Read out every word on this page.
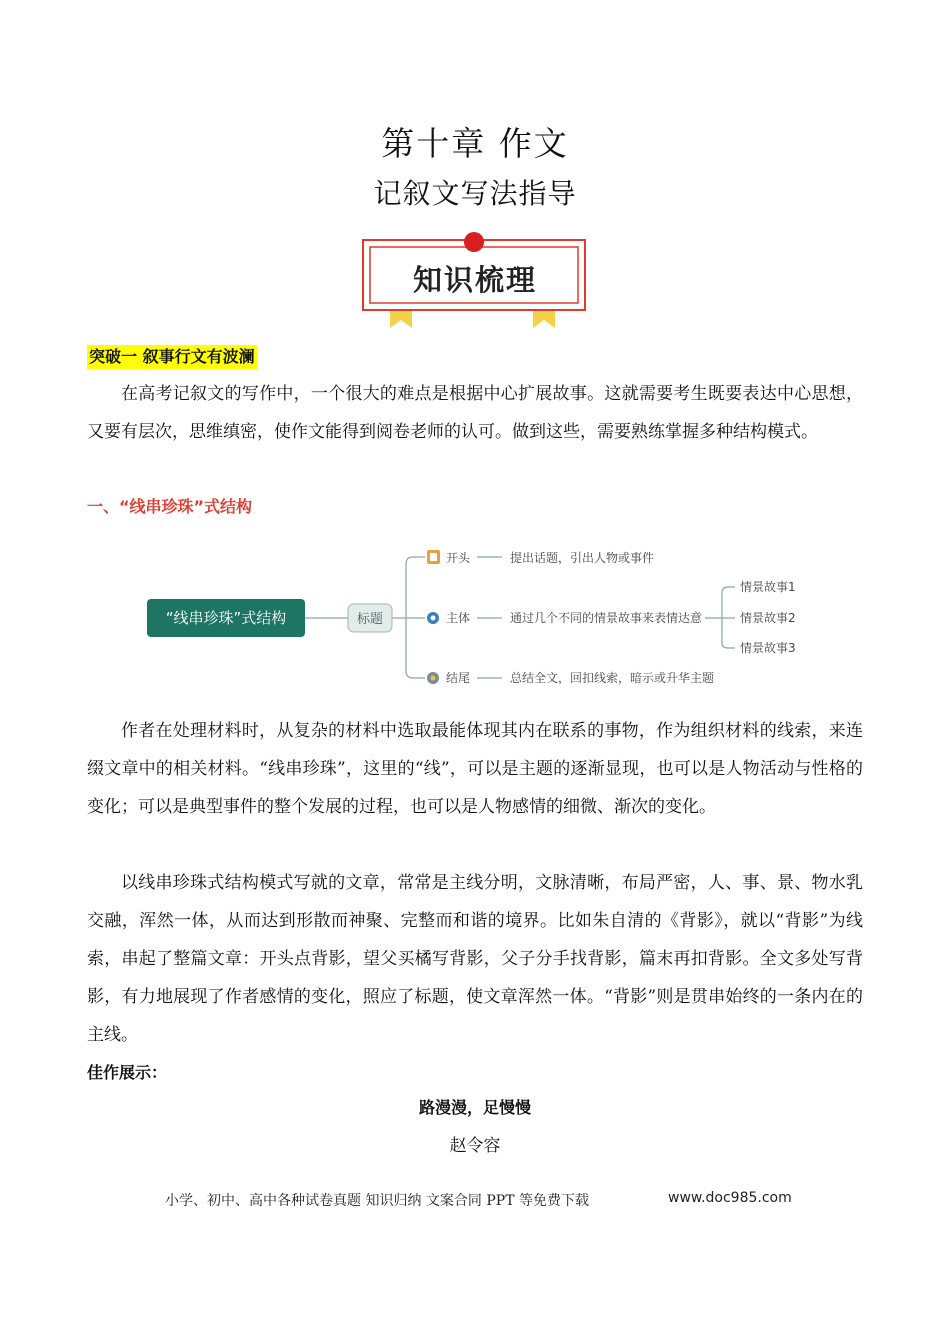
第十章 作文
记叙文写法指导
知识梳理
突破一 叙事行文有波澜

在高考记叙文的写作中，一个很大的难点是根据中心扩展故事。这就需要考生既要表达中心思想，又要有层次，思维缜密，使作文能得到阅卷老师的认可。做到这些，需要熟练掌握多种结构模式。

一、“线串珍珠”式结构
“线串珍珠”式结构	标题
开头	提出话题，引出人物或事件
主体	通过几个不同的情景故事来表情达意
结尾	总结全文，回扣线索，暗示或升华主题
情景故事1
情景故事2
情景故事3

作者在处理材料时，从复杂的材料中选取最能体现其内在联系的事物，作为组织材料的线索，来连缀文章中的相关材料。“线串珍珠”，这里的“线”，可以是主题的逐渐显现，也可以是人物活动与性格的变化；可以是典型事件的整个发展的过程，也可以是人物感情的细微、渐次的变化。

以线串珍珠式结构模式写就的文章，常常是主线分明，文脉清晰，布局严密，人、事、景、物水乳交融，浑然一体，从而达到形散而神聚、完整而和谐的境界。比如朱自清的《背影》，就以“背影”为线索，串起了整篇文章：开头点背影，望父买橘写背影，父子分手找背影，篇末再扣背影。全文多处写背影，有力地展现了作者感情的变化，照应了标题，使文章浑然一体。“背影”则是贯串始终的一条内在的主线。

佳作展示：
路漫漫，足慢慢
赵令容
小学、初中、高中各种试卷真题 知识归纳 文案合同 PPT 等免费下载	www.doc985.com
